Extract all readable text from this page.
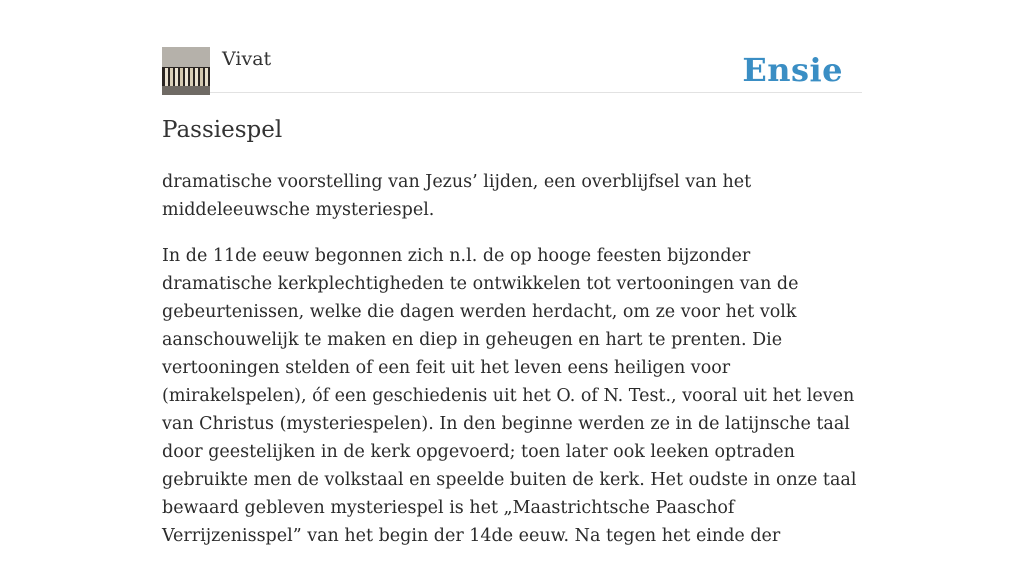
Vivat	Ensie
Passiespel

dramatische voorstelling van Jezus’ lijden, een overblijfsel van het middeleeuwsche mysteriespel.

In de 11de eeuw begonnen zich n.l. de op hooge feesten bijzonder dramatische kerkplechtigheden te ontwikkelen tot vertooningen van de gebeurtenissen, welke die dagen werden herdacht, om ze voor het volk aanschouwelijk te maken en diep in geheugen en hart te prenten. Die vertooningen stelden of een feit uit het leven eens heiligen voor (mirakelspelen), óf een geschiedenis uit het O. of N. Test., vooral uit het leven van Christus (mysteriespelen). In den beginne werden ze in de latijnsche taal door geestelijken in de kerk opgevoerd; toen later ook leeken optraden gebruikte men de volkstaal en speelde buiten de kerk. Het oudste in onze taal bewaard gebleven mysteriespel is het „Maastrichtsche Paaschof Verrijzenisspel” van het begin der 14de eeuw. Na tegen het einde der
